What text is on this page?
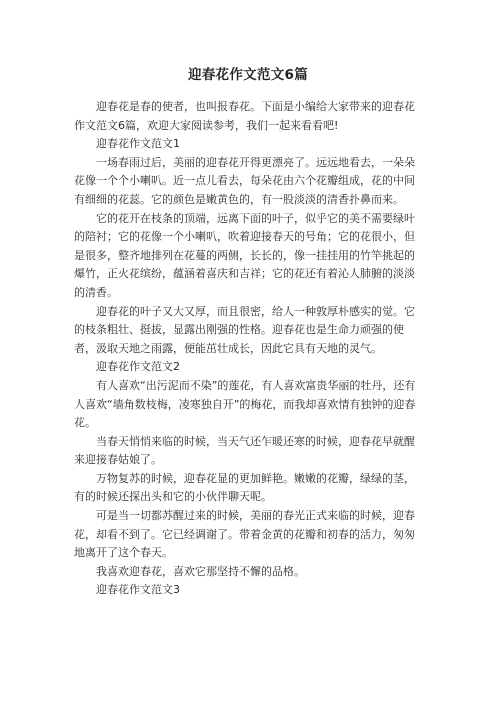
迎春花作文范文6篇

迎春花是春的使者，也叫报春花。下面是小编给大家带来的迎春花作文范文6篇，欢迎大家阅读参考，我们一起来看看吧!

迎春花作文范文1

一场春雨过后，美丽的迎春花开得更漂亮了。远远地看去，一朵朵花像一个个小喇叭。近一点儿看去，每朵花由六个花瓣组成，花的中间有细细的花蕊。它的颜色是嫩黄色的，有一股淡淡的清香扑鼻而来。

它的花开在枝条的顶端，远离下面的叶子，似乎它的美不需要绿叶的陪衬；它的花像一个小喇叭，吹着迎接春天的号角；它的花很小，但是很多，整齐地排列在花蔓的两侧，长长的，像一挂挂用的竹竿挑起的爆竹，正火花缤纷，蕴涵着喜庆和吉祥；它的花还有着沁人肺腑的淡淡的清香。

迎春花的叶子又大又厚，而且很密，给人一种敦厚朴感实的觉。它的枝条粗壮、挺拔，显露出刚强的性格。迎春花也是生命力顽强的使者，汲取天地之雨露，便能茁壮成长，因此它具有天地的灵气。

迎春花作文范文2

有人喜欢“出污泥而不染”的莲花，有人喜欢富贵华丽的牡丹，还有人喜欢“墙角数枝梅，凌寒独自开”的梅花，而我却喜欢情有独钟的迎春花。

当春天悄悄来临的时候，当天气还乍暖还寒的时候，迎春花早就醒来迎接春姑娘了。

万物复苏的时候，迎春花显的更加鲜艳。嫩嫩的花瓣，绿绿的茎，有的时候还探出头和它的小伙伴聊天呢。

可是当一切都苏醒过来的时候，美丽的春光正式来临的时候，迎春花，却看不到了。它已经调谢了。带着金黄的花瓣和初春的活力，匆匆地离开了这个春天。

我喜欢迎春花，喜欢它那坚持不懈的品格。

迎春花作文范文3
